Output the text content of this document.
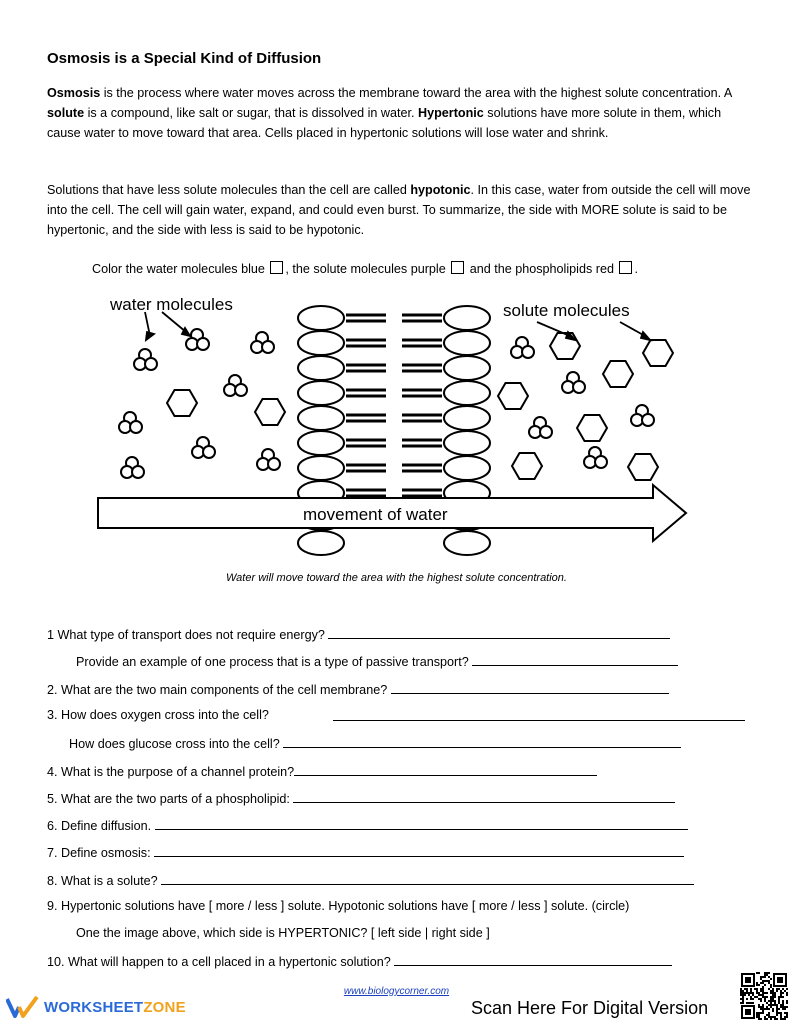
Osmosis is a Special Kind of Diffusion
Osmosis is the process where water moves across the membrane toward the area with the highest solute concentration. A solute is a compound, like salt or sugar, that is dissolved in water. Hypertonic solutions have more solute in them, which cause water to move toward that area. Cells placed in hypertonic solutions will lose water and shrink.
Solutions that have less solute molecules than the cell are called hypotonic. In this case, water from outside the cell will move into the cell. The cell will gain water, expand, and could even burst. To summarize, the side with MORE solute is said to be hypertonic, and the side with less is said to be hypotonic.
Color the water molecules blue , the solute molecules purple  and the phospholipids red .
water molecules	solute molecules
movement of water
Water will move toward the area with the highest solute concentration.
1 What type of transport does not require energy?
Provide an example of one process that is a type of passive transport?
2. What are the two main components of the cell membrane?
3. How does oxygen cross into the cell?
How does glucose cross into the cell?
4. What is the purpose of a channel protein?
5. What are the two parts of a phospholipid:
6. Define diffusion.
7. Define osmosis:
8. What is a solute?
9. Hypertonic solutions have [ more / less ] solute. Hypotonic solutions have [ more / less ] solute. (circle)
One the image above, which side is HYPERTONIC? [ left side | right side ]
10. What will happen to a cell placed in a hypertonic solution?
www.biologycorner.com
WORKSHEETZONE	Scan Here For Digital Version
